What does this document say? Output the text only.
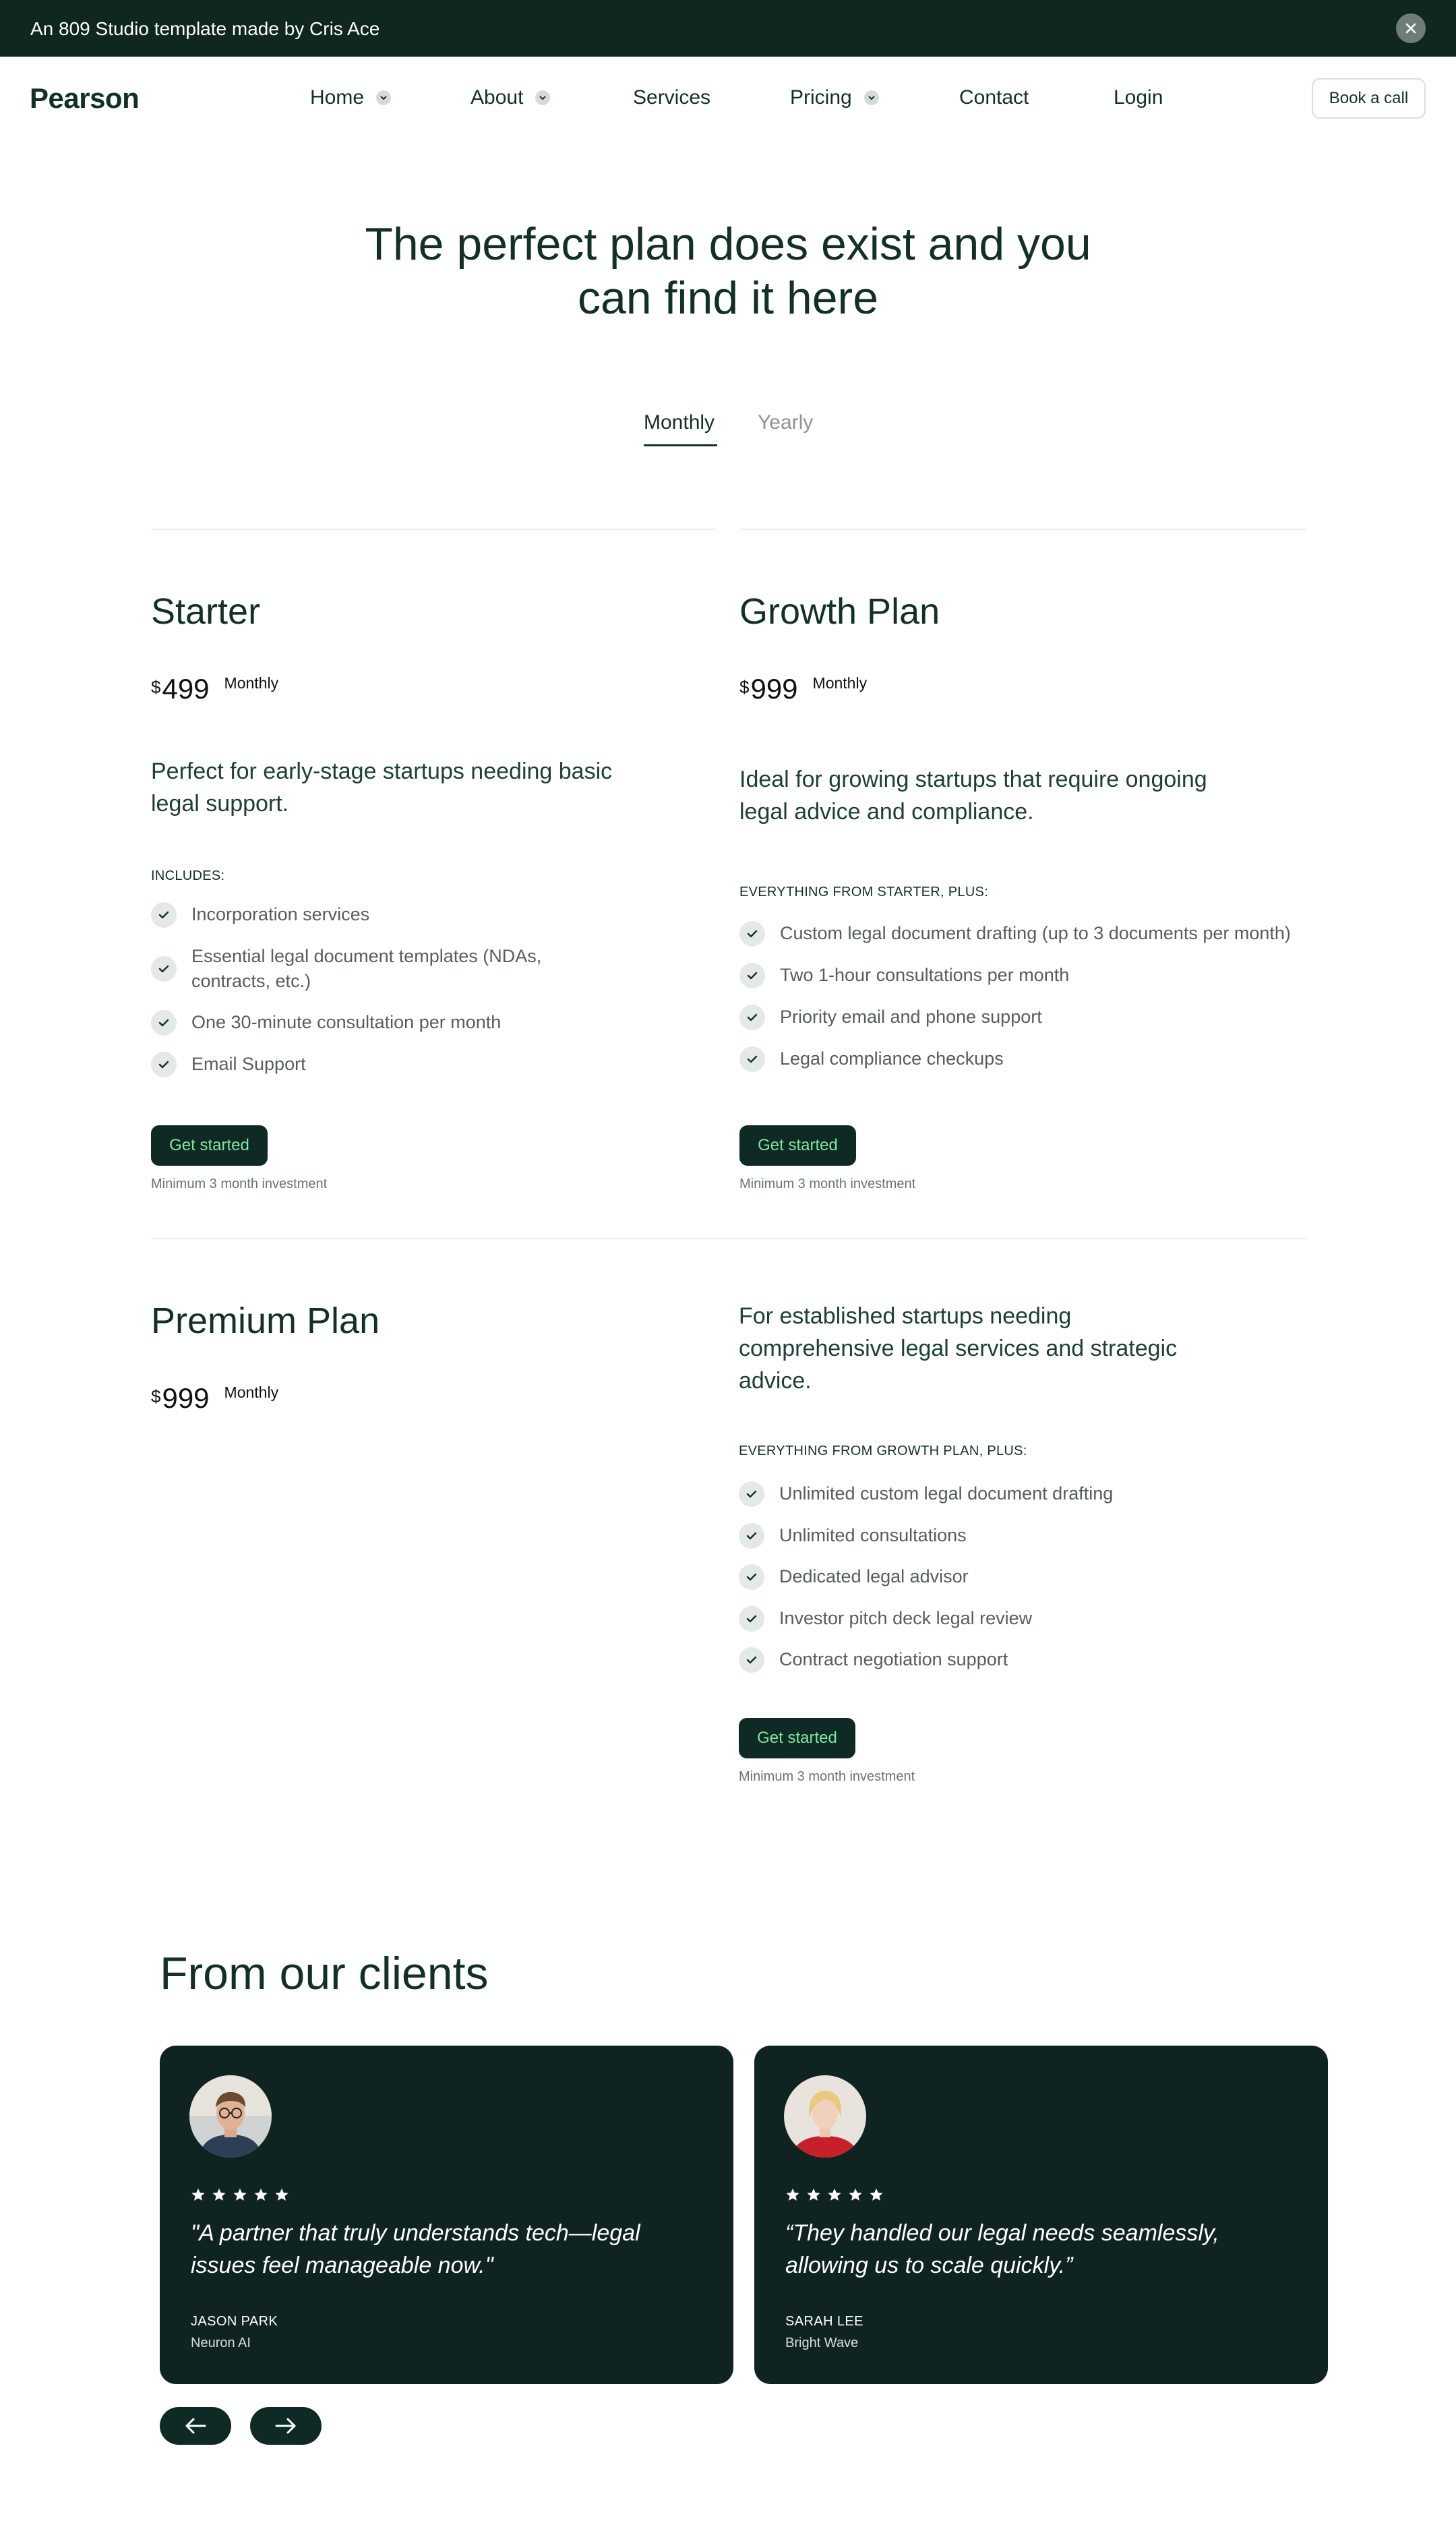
An 809 Studio template made by Cris Ace
Pearson	Home	About	Services	Pricing	Contact	Login	Book a call
The perfect plan does exist and you
can find it here
Monthly Yearly
Starter
$ 499 Monthly
Perfect for early-stage startups needing basic
legal support.
INCLUDES:
Incorporation services
Essential legal document templates (NDAs, contracts, etc.)
One 30-minute consultation per month
Email Support
Get started
Minimum 3 month investment
Growth Plan
$ 999 Monthly
Ideal for growing startups that require ongoing
legal advice and compliance.
EVERYTHING FROM STARTER, PLUS:
Custom legal document drafting (up to 3 documents per month)
Two 1-hour consultations per month
Priority email and phone support
Legal compliance checkups
Get started
Minimum 3 month investment
Premium Plan
$ 999 Monthly
For established startups needing
comprehensive legal services and strategic
advice.
EVERYTHING FROM GROWTH PLAN, PLUS:
Unlimited custom legal document drafting
Unlimited consultations
Dedicated legal advisor
Investor pitch deck legal review
Contract negotiation support
Get started
Minimum 3 month investment
From our clients
"A partner that truly understands tech—legal
issues feel manageable now."
JASON PARK
Neuron AI
“They handled our legal needs seamlessly,
allowing us to scale quickly.”
SARAH LEE
Bright Wave
